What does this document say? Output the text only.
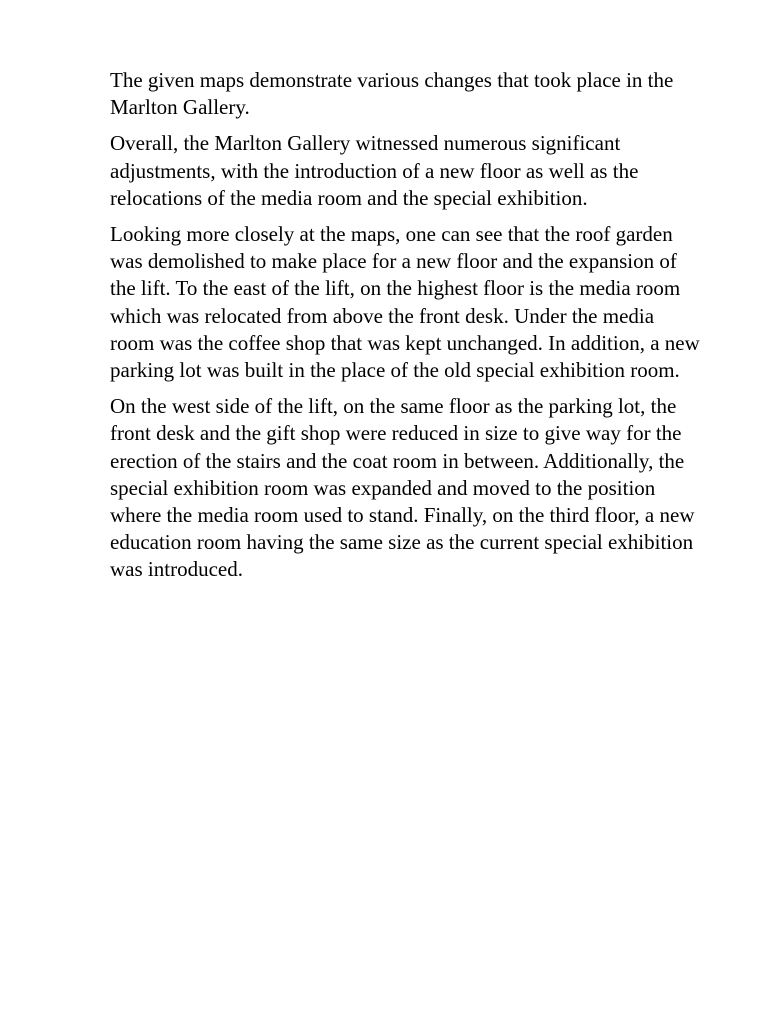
The given maps demonstrate various changes that took place in the Marlton Gallery.

Overall, the Marlton Gallery witnessed numerous significant adjustments, with the introduction of a new floor as well as the relocations of the media room and the special exhibition.

Looking more closely at the maps, one can see that the roof garden was demolished to make place for a new floor and the expansion of the lift. To the east of the lift, on the highest floor is the media room which was relocated from above the front desk. Under the media room was the coffee shop that was kept unchanged. In addition, a new parking lot was built in the place of the old special exhibition room.

On the west side of the lift, on the same floor as the parking lot, the front desk and the gift shop were reduced in size to give way for the erection of the stairs and the coat room in between. Additionally, the special exhibition room was expanded and moved to the position where the media room used to stand. Finally, on the third floor, a new education room having the same size as the current special exhibition was introduced.
